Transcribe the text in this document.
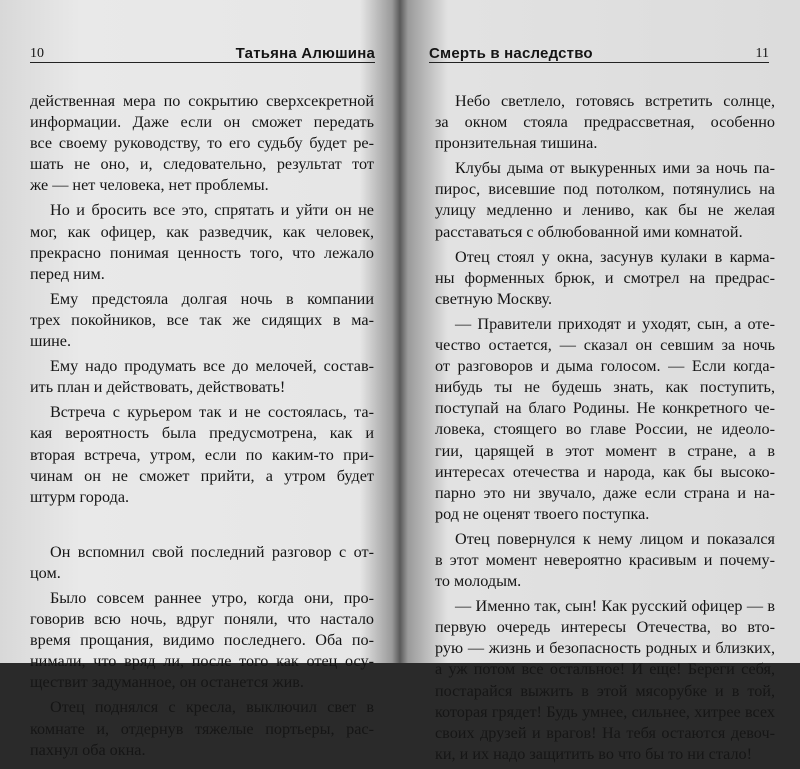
10	Татьяна Алюшина
действенная мера по сокрытию сверхсекретной
информации. Даже если он сможет передать
все своему руководству, то его судьбу будет ре-
шать не оно, и, следовательно, результат тот
же — нет человека, нет проблемы.
Но и бросить все это, спрятать и уйти он не
мог, как офицер, как разведчик, как человек,
прекрасно понимая ценность того, что лежало
перед ним.
Ему предстояла долгая ночь в компании
трех покойников, все так же сидящих в ма-
шине.
Ему надо продумать все до мелочей, состав-
ить план и действовать, действовать!
Встреча с курьером так и не состоялась, та-
кая вероятность была предусмотрена, как и
вторая встреча, утром, если по каким-то при-
чинам он не сможет прийти, а утром будет
штурм города.
Он вспомнил свой последний разговор с от-
цом.
Было совсем раннее утро, когда они, про-
говорив всю ночь, вдруг поняли, что настало
время прощания, видимо последнего. Оба по-
нимали, что вряд ли, после того как отец осу-
ществит задуманное, он останется жив.
Отец поднялся с кресла, выключил свет в
комнате и, отдернув тяжелые портьеры, рас-
пахнул оба окна.
Смерть в наследство	11
Небо светлело, готовясь встретить солнце,
за окном стояла предрассветная, особенно
пронзительная тишина.
Клубы дыма от выкуренных ими за ночь па-
пирос, висевшие под потолком, потянулись на
улицу медленно и лениво, как бы не желая
расставаться с облюбованной ими комнатой.
Отец стоял у окна, засунув кулаки в карма-
ны форменных брюк, и смотрел на предрас-
светную Москву.
— Правители приходят и уходят, сын, а оте-
чество остается, — сказал он севшим за ночь
от разговоров и дыма голосом. — Если когда-
нибудь ты не будешь знать, как поступить,
поступай на благо Родины. Не конкретного че-
ловека, стоящего во главе России, не идеоло-
гии, царящей в этот момент в стране, а в
интересах отечества и народа, как бы высоко-
парно это ни звучало, даже если страна и на-
род не оценят твоего поступка.
Отец повернулся к нему лицом и показался
в этот момент невероятно красивым и почему-
то молодым.
— Именно так, сын! Как русский офицер — в
первую очередь интересы Отечества, во вто-
рую — жизнь и безопасность родных и близких,
а уж потом все остальное! И еще! Береги себя,
постарайся выжить в этой мясорубке и в той,
которая грядет! Будь умнее, сильнее, хитрее всех
своих друзей и врагов! На тебя остаются девоч-
ки, и их надо защитить во что бы то ни стало!
